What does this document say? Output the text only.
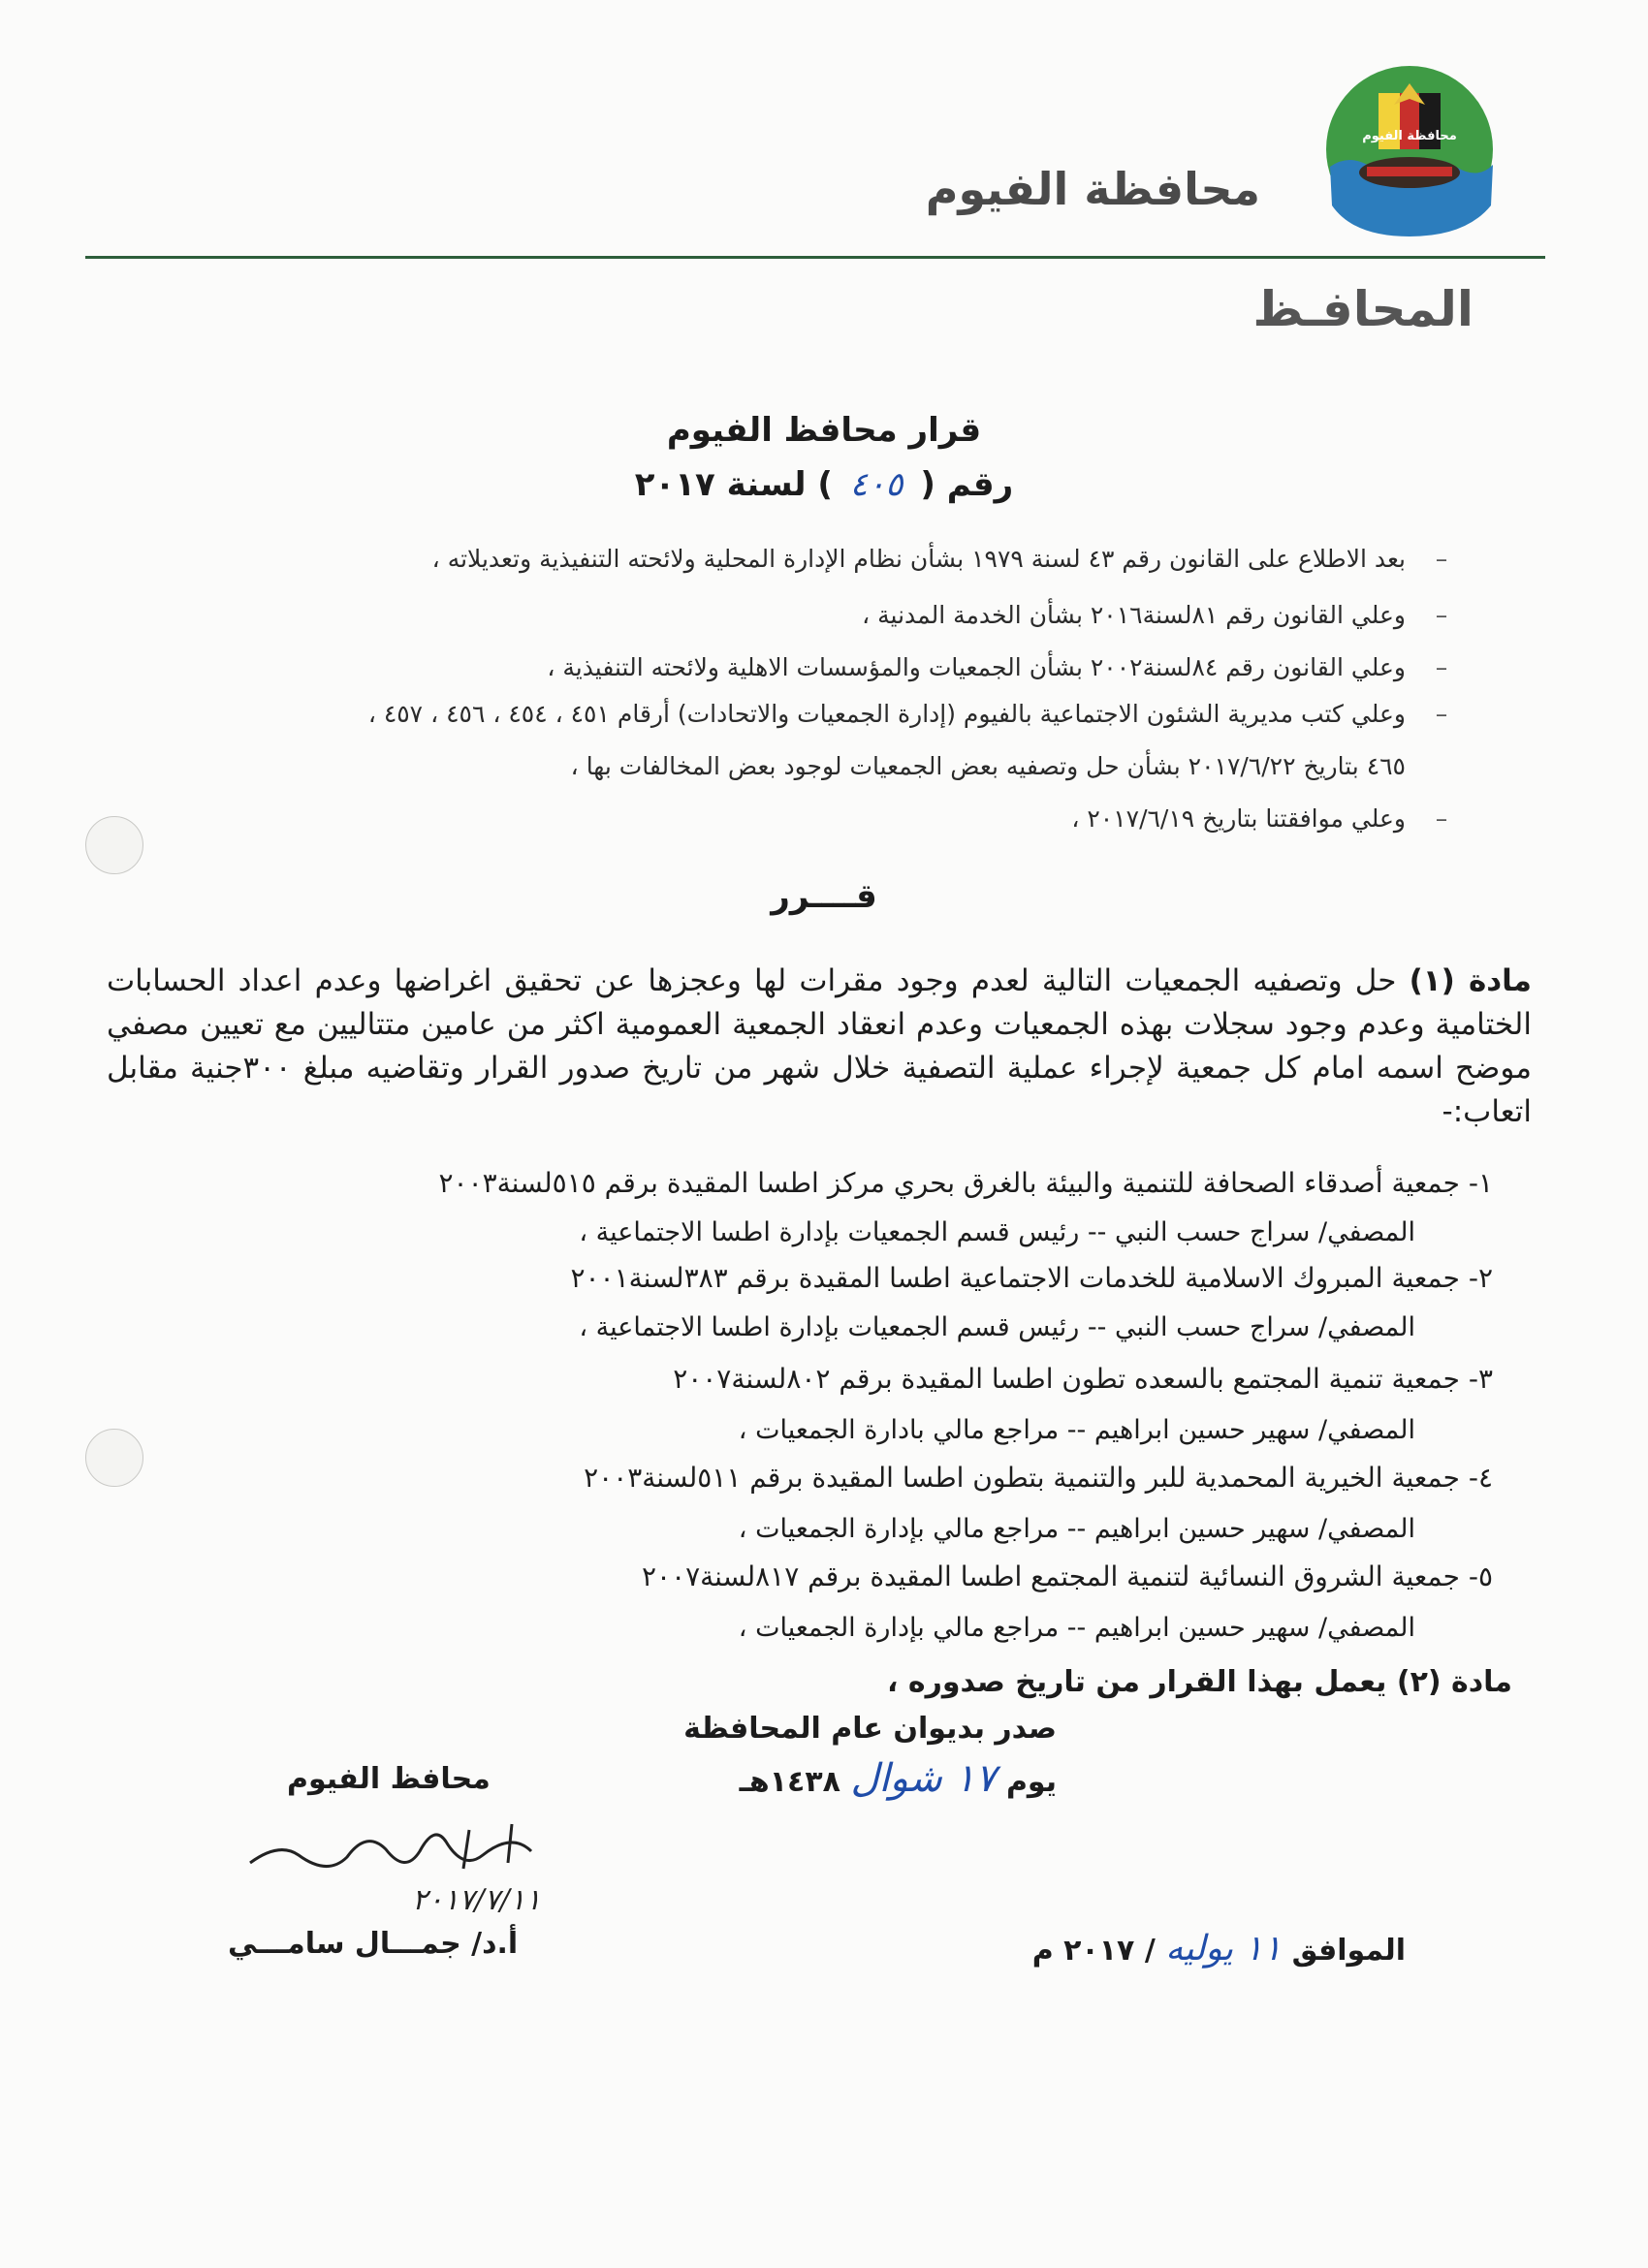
محافظة الفيوم
محافظة الفيوم
المحافـظ
قرار محافظ الفيوم
رقم ( ٤٠٥ ) لسنة ٢٠١٧
–بعد الاطلاع على القانون رقم ٤٣ لسنة ١٩٧٩ بشأن نظام الإدارة المحلية ولائحته التنفيذية وتعديلاته ،
–وعلي القانون رقم ٨١لسنة٢٠١٦ بشأن الخدمة المدنية ،
–وعلي القانون رقم ٨٤لسنة٢٠٠٢ بشأن الجمعيات والمؤسسات الاهلية ولائحته التنفيذية ،
–وعلي كتب مديرية الشئون الاجتماعية بالفيوم (إدارة الجمعيات والاتحادات) أرقام ٤٥١ ، ٤٥٤ ، ٤٥٦ ، ٤٥٧ ،
٤٦٥ بتاريخ ٢٠١٧/٦/٢٢ بشأن حل وتصفيه بعض الجمعيات لوجود بعض المخالفات بها ،
–وعلي موافقتنا بتاريخ ٢٠١٧/٦/١٩ ،
قــــرر
مادة (١) حل وتصفيه الجمعيات التالية لعدم وجود مقرات لها وعجزها عن تحقيق اغراضها وعدم اعداد الحسابات الختامية وعدم وجود سجلات بهذه الجمعيات وعدم انعقاد الجمعية العمومية اكثر من عامين متتاليين مع تعيين مصفي موضح اسمه امام كل جمعية لإجراء عملية التصفية خلال شهر من تاريخ صدور القرار وتقاضيه مبلغ ٣٠٠جنية مقابل اتعاب:-
١- جمعية أصدقاء الصحافة للتنمية والبيئة بالغرق بحري مركز اطسا المقيدة برقم ٥١٥لسنة٢٠٠٣
المصفي/ سراج حسب النبي -- رئيس قسم الجمعيات بإدارة اطسا الاجتماعية ،
٢- جمعية المبروك الاسلامية للخدمات الاجتماعية اطسا المقيدة برقم ٣٨٣لسنة٢٠٠١
المصفي/ سراج حسب النبي -- رئيس قسم الجمعيات بإدارة اطسا الاجتماعية ،
٣- جمعية تنمية المجتمع بالسعده تطون اطسا المقيدة برقم ٨٠٢لسنة٢٠٠٧
المصفي/ سهير حسين ابراهيم -- مراجع مالي بادارة الجمعيات ،
٤- جمعية الخيرية المحمدية للبر والتنمية بتطون اطسا المقيدة برقم ٥١١لسنة٢٠٠٣
المصفي/ سهير حسين ابراهيم -- مراجع مالي بإدارة الجمعيات ،
٥- جمعية الشروق النسائية لتنمية المجتمع اطسا المقيدة برقم ٨١٧لسنة٢٠٠٧
المصفي/ سهير حسين ابراهيم -- مراجع مالي بإدارة الجمعيات ،
مادة (٢) يعمل بهذا القرار من تاريخ صدوره ،
صدر بديوان عام المحافظة
يوم ١٧ شوال ١٤٣٨هـ
محافظ الفيوم
٢٠١٧/٧/١١
أ.د/ جمـــال سامـــي	الموافق ١١ يوليه / ٢٠١٧ م
